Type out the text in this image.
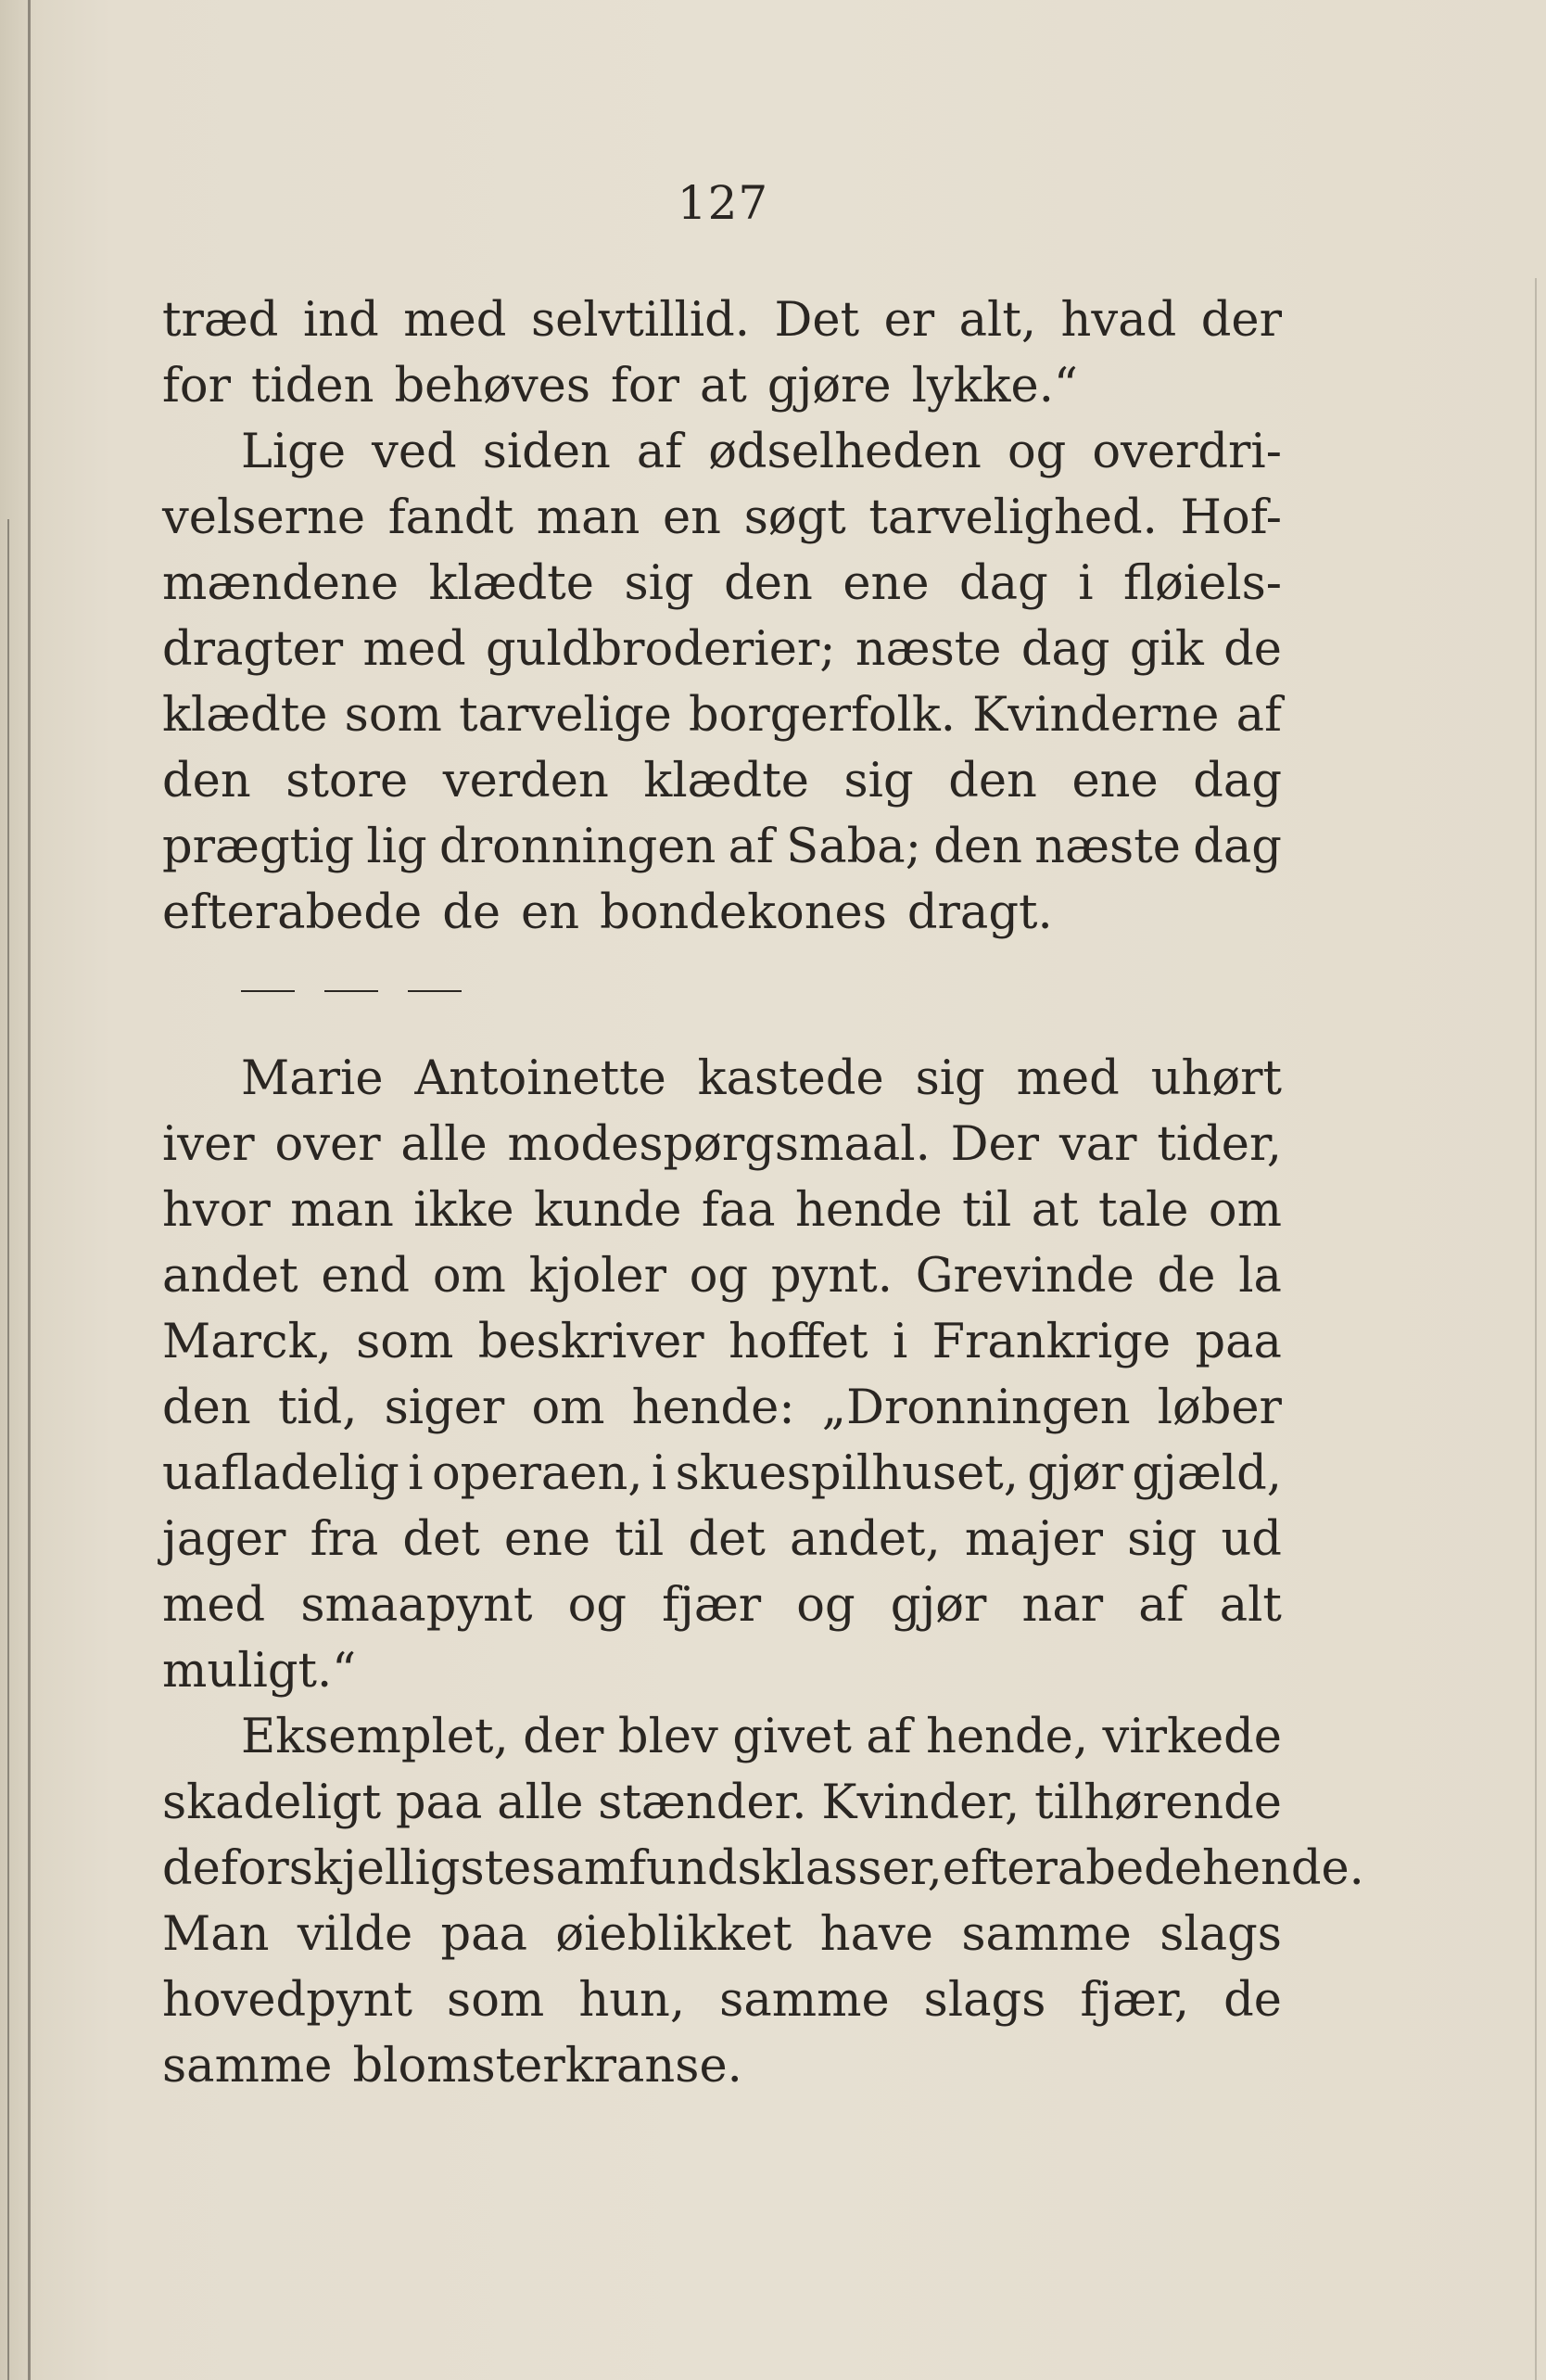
127
træd ind med selvtillid. Det er alt, hvad der
for tiden behøves for at gjøre lykke.“
Lige ved siden af ødselheden og overdri-
velserne fandt man en søgt tarvelighed. Hof-
mændene klædte sig den ene dag i fløiels-
dragter med guldbroderier; næste dag gik de
klædte som tarvelige borgerfolk. Kvinderne af
den store verden klædte sig den ene dag
prægtig lig dronningen af Saba; den næste dag
efterabede de en bondekones dragt.
Marie Antoinette kastede sig med uhørt
iver over alle modespørgsmaal. Der var tider,
hvor man ikke kunde faa hende til at tale om
andet end om kjoler og pynt. Grevinde de la
Marck, som beskriver hoffet i Frankrige paa
den tid, siger om hende: „Dronningen løber
uafladelig i operaen, i skuespilhuset, gjør gjæld,
jager fra det ene til det andet, majer sig ud
med smaapynt og fjær og gjør nar af alt
muligt.“
Eksemplet, der blev givet af hende, virkede
skadeligt paa alle stænder. Kvinder, tilhørende
de forskjelligste samfundsklasser, efterabede hende.
Man vilde paa øieblikket have samme slags
hovedpynt som hun, samme slags fjær, de
samme blomsterkranse.
